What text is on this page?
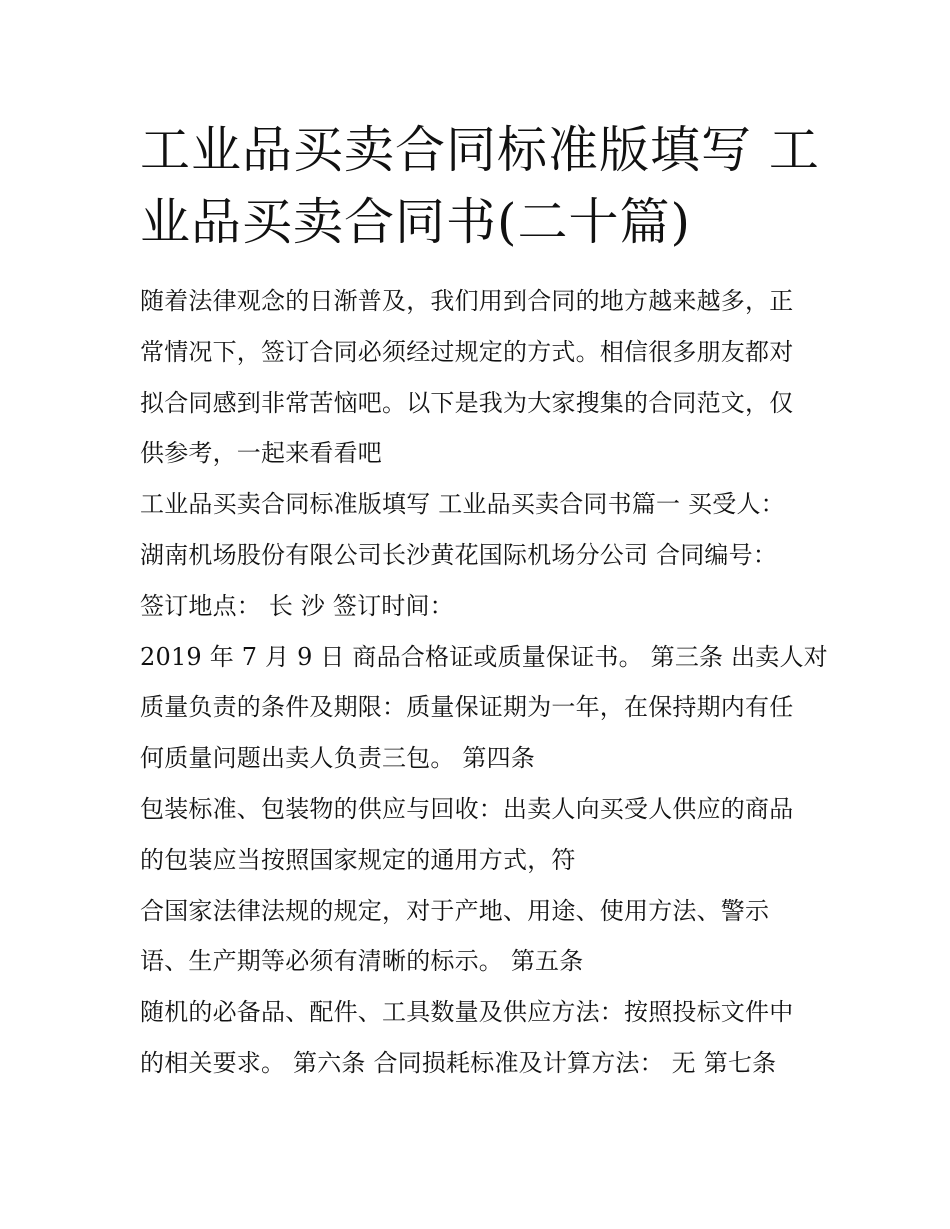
工业品买卖合同标准版填写 工
业品买卖合同书(二十篇)
随着法律观念的日渐普及，我们用到合同的地方越来越多，正
常情况下，签订合同必须经过规定的方式。相信很多朋友都对
拟合同感到非常苦恼吧。以下是我为大家搜集的合同范文，仅
供参考，一起来看看吧
工业品买卖合同标准版填写 工业品买卖合同书篇一 买受人：
湖南机场股份有限公司长沙黄花国际机场分公司 合同编号：
签订地点： 长 沙 签订时间：
2019 年 7 月 9 日 商品合格证或质量保证书。 第三条 出卖人对
质量负责的条件及期限：质量保证期为一年，在保持期内有任
何质量问题出卖人负责三包。 第四条
包装标准、包装物的供应与回收：出卖人向买受人供应的商品
的包装应当按照国家规定的通用方式，符
合国家法律法规的规定，对于产地、用途、使用方法、警示
语、生产期等必须有清晰的标示。 第五条
随机的必备品、配件、工具数量及供应方法：按照投标文件中
的相关要求。 第六条 合同损耗标准及计算方法： 无 第七条
